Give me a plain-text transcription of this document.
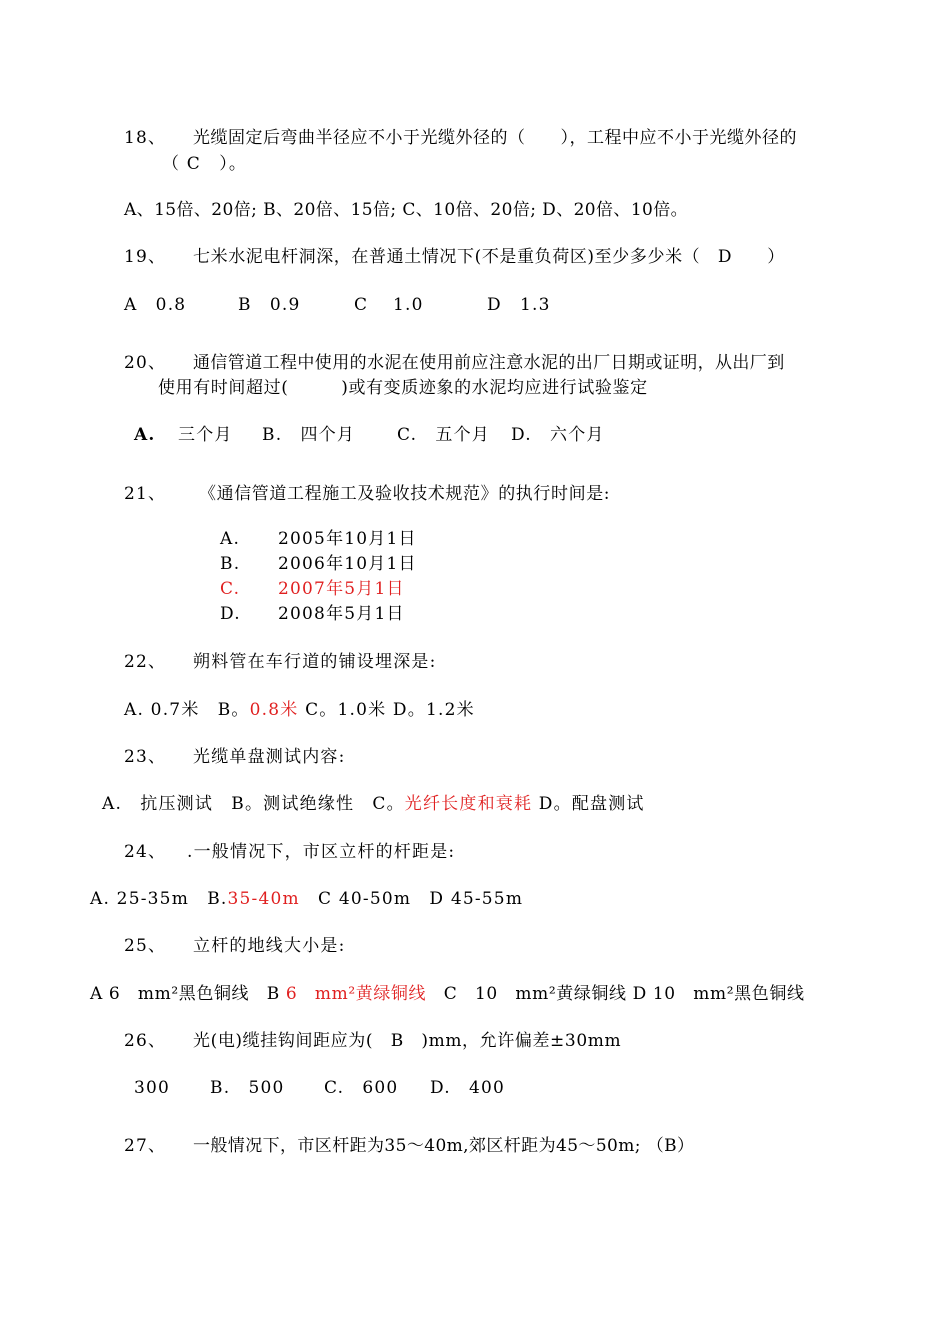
18、 光缆固定后弯曲半径应不小于光缆外径的（　　），工程中应不小于光缆外径的
（ C　）。
A、15倍、20倍; B、20倍、15倍; C、10倍、20倍; D、20倍、10倍。
19、 七米水泥电杆洞深，在普通土情况下(不是重负荷区)至少多少米（　D　　）
A　0.8	B　0.9	C　 1.0	D　1.3
20、 通信管道工程中使用的水泥在使用前应注意水泥的出厂日期或证明，从出厂到
使用有时间超过(　　　)或有变质迹象的水泥均应进行试验鉴定
A. 三个月 B.　四个月 C.　五个月 D.　六个月
21、 《通信管道工程施工及验收技术规范》的执行时间是:
A. 2005年10月1日
B. 2006年10月1日
C. 2007年5月1日
D. 2008年5月1日
22、 朔料管在车行道的铺设埋深是:
A. 0.7米　B。0.8米 C。1.0米 D。1.2米
23、 光缆单盘测试内容:
A.　抗压测试　B。测试绝缘性　C。光纤长度和衰耗 D。配盘测试
24、 .一般情况下，市区立杆的杆距是:
A. 25-35m　B.35-40m　C 40-50m　D 45-55m
25、 立杆的地线大小是:
A 6　mm²黑色铜线　B 6　mm²黄绿铜线　C　10　mm²黄绿铜线 D 10　mm²黑色铜线
26、 光(电)缆挂钩间距应为(　B　)mm，允许偏差±30mm
300 B.　500 C.　600 D.　400
27、 一般情况下，市区杆距为35～40m,郊区杆距为45～50m; （B）
